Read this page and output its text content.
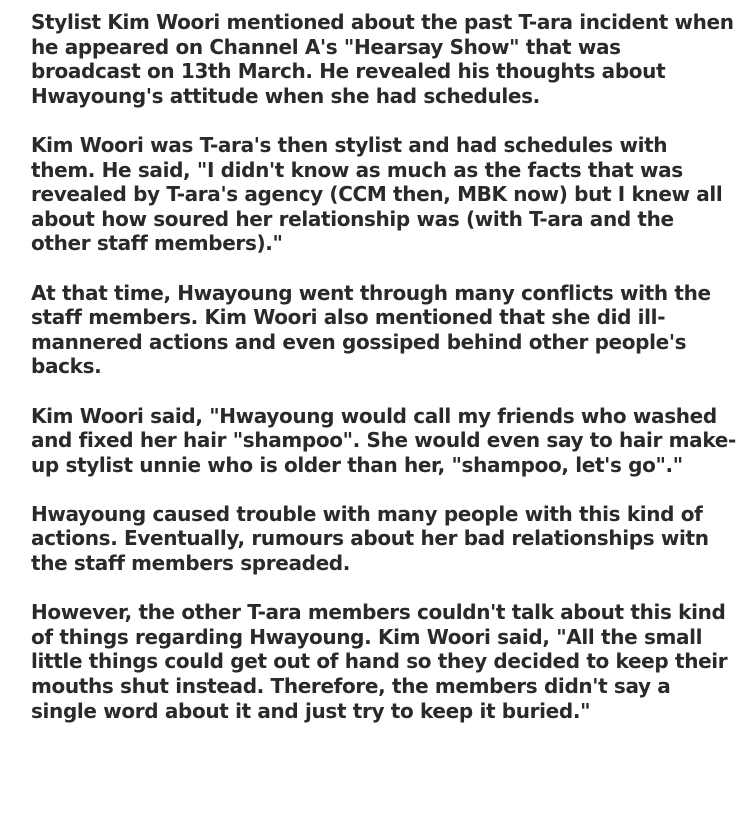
Stylist Kim Woori mentioned about the past T-ara incident when he appeared on Channel A's "Hearsay Show" that was broadcast on 13th March. He revealed his thoughts about Hwayoung's attitude when she had schedules.

Kim Woori was T-ara's then stylist and had schedules with them. He said, "I didn't know as much as the facts that was revealed by T-ara's agency (CCM then, MBK now) but I knew all about how soured her relationship was (with T-ara and the other staff members)."

At that time, Hwayoung went through many conflicts with the staff members. Kim Woori also mentioned that she did ill-mannered actions and even gossiped behind other people's backs.

Kim Woori said, "Hwayoung would call my friends who washed and fixed her hair "shampoo". She would even say to hair make-up stylist unnie who is older than her, "shampoo, let's go"."

Hwayoung caused trouble with many people with this kind of actions. Eventually, rumours about her bad relationships witn the staff members spreaded.

However, the other T-ara members couldn't talk about this kind of things regarding Hwayoung. Kim Woori said, "All the small little things could get out of hand so they decided to keep their mouths shut instead. Therefore, the members didn't say a single word about it and just try to keep it buried."
